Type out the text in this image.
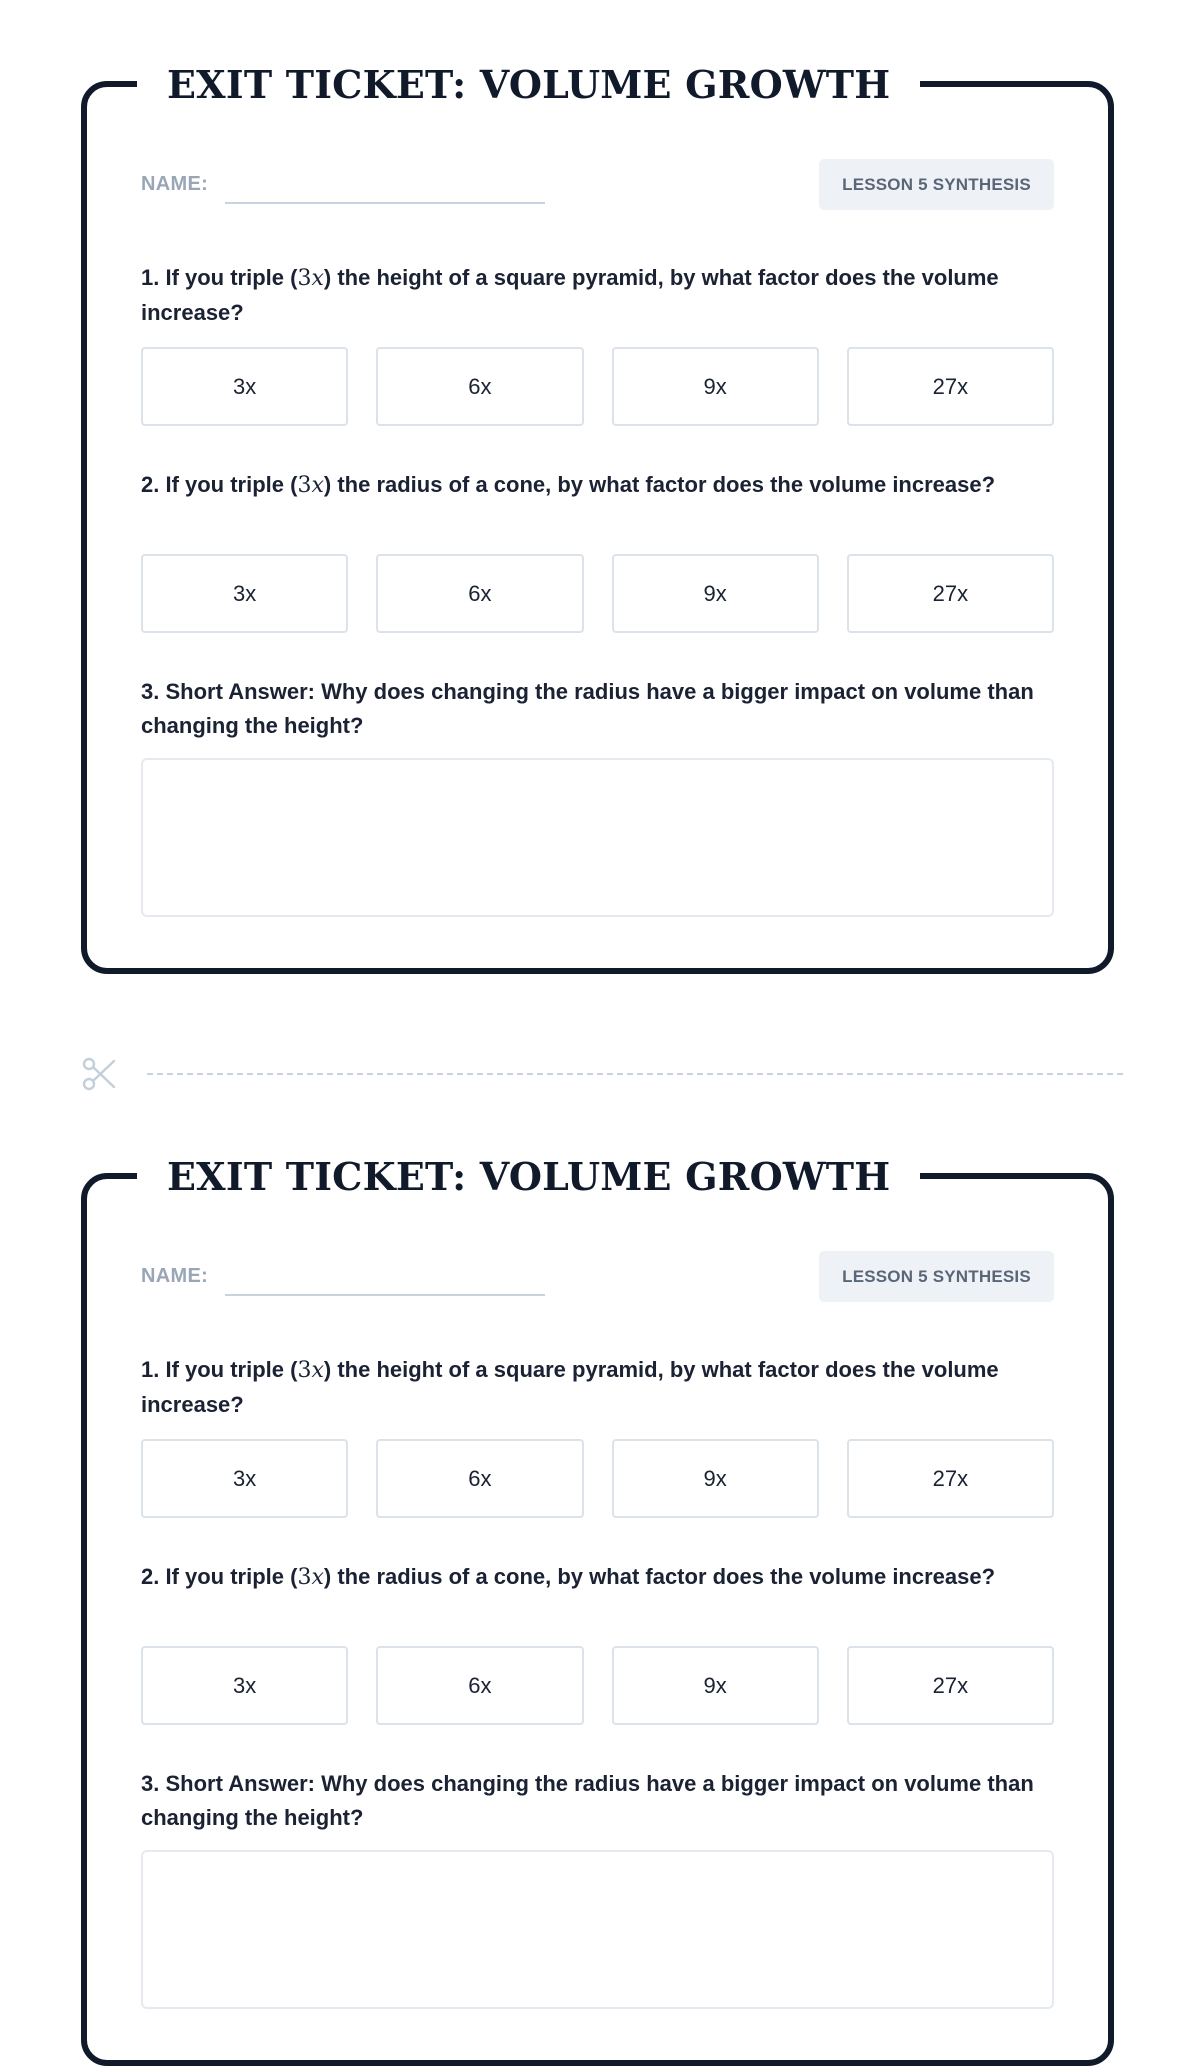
EXIT TICKET: VOLUME GROWTH
NAME:	LESSON 5 SYNTHESIS
1. If you triple (3x) the height of a square pyramid, by what factor does the volume increase?
3x	6x	9x	27x
2. If you triple (3x) the radius of a cone, by what factor does the volume increase?
3x	6x	9x	27x
3. Short Answer: Why does changing the radius have a bigger impact on volume than changing the height?
EXIT TICKET: VOLUME GROWTH
NAME:	LESSON 5 SYNTHESIS
1. If you triple (3x) the height of a square pyramid, by what factor does the volume increase?
3x	6x	9x	27x
2. If you triple (3x) the radius of a cone, by what factor does the volume increase?
3x	6x	9x	27x
3. Short Answer: Why does changing the radius have a bigger impact on volume than changing the height?
